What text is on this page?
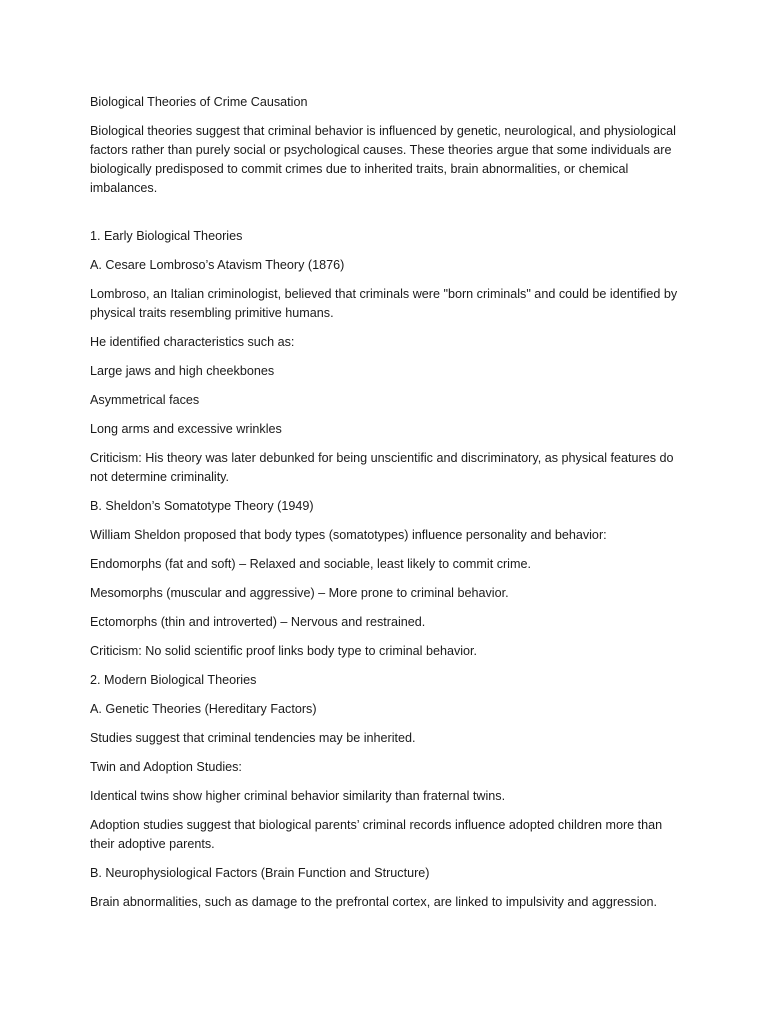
Biological Theories of Crime Causation

Biological theories suggest that criminal behavior is influenced by genetic, neurological, and physiological factors rather than purely social or psychological causes. These theories argue that some individuals are biologically predisposed to commit crimes due to inherited traits, brain abnormalities, or chemical imbalances.

1. Early Biological Theories

A. Cesare Lombroso’s Atavism Theory (1876)

Lombroso, an Italian criminologist, believed that criminals were "born criminals" and could be identified by physical traits resembling primitive humans.

He identified characteristics such as:

Large jaws and high cheekbones

Asymmetrical faces

Long arms and excessive wrinkles

Criticism: His theory was later debunked for being unscientific and discriminatory, as physical features do not determine criminality.

B. Sheldon’s Somatotype Theory (1949)

William Sheldon proposed that body types (somatotypes) influence personality and behavior:

Endomorphs (fat and soft) – Relaxed and sociable, least likely to commit crime.

Mesomorphs (muscular and aggressive) – More prone to criminal behavior.

Ectomorphs (thin and introverted) – Nervous and restrained.

Criticism: No solid scientific proof links body type to criminal behavior.

2. Modern Biological Theories

A. Genetic Theories (Hereditary Factors)

Studies suggest that criminal tendencies may be inherited.

Twin and Adoption Studies:

Identical twins show higher criminal behavior similarity than fraternal twins.

Adoption studies suggest that biological parents’ criminal records influence adopted children more than their adoptive parents.

B. Neurophysiological Factors (Brain Function and Structure)

Brain abnormalities, such as damage to the prefrontal cortex, are linked to impulsivity and aggression.
